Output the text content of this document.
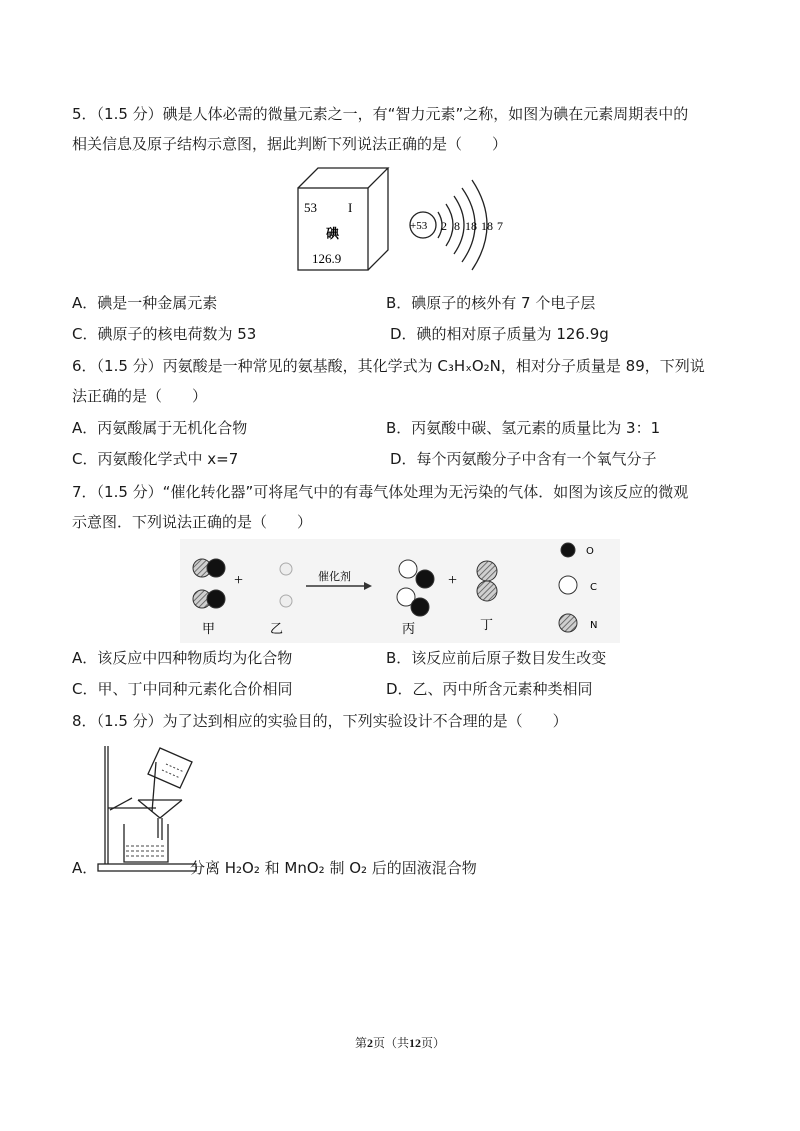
5．（1.5 分）碘是人体必需的微量元素之一，有“智力元素”之称，如图为碘在元素周期表中的
相关信息及原子结构示意图，据此判断下列说法正确的是（　　）
53 I
碘
126.9
+53 2 8 18 18 7
A．碘是一种金属元素	B．碘原子的核外有 7 个电子层
C．碘原子的核电荷数为 53	D．碘的相对原子质量为 126.9g
6．（1.5 分）丙氨酸是一种常见的氨基酸，其化学式为 C₃HₓO₂N，相对分子质量是 89，下列说
法正确的是（　　）
A．丙氨酸属于无机化合物	B．丙氨酸中碳、氢元素的质量比为 3：1
C．丙氨酸化学式中 x=7	D．每个丙氨酸分子中含有一个氧气分子
7．（1.5 分）“催化转化器”可将尾气中的有毒气体处理为无污染的气体．如图为该反应的微观
示意图．下列说法正确的是（　　）
+	催化剂	+
甲	乙	丙	丁
O
C
N
A．该反应中四种物质均为化合物	B．该反应前后原子数目发生改变
C．甲、丁中同种元素化合价相同	D．乙、丙中所含元素种类相同
8．（1.5 分）为了达到相应的实验目的，下列实验设计不合理的是（　　）
A．	分离 H₂O₂ 和 MnO₂ 制 O₂ 后的固液混合物
第2页（共12页）
